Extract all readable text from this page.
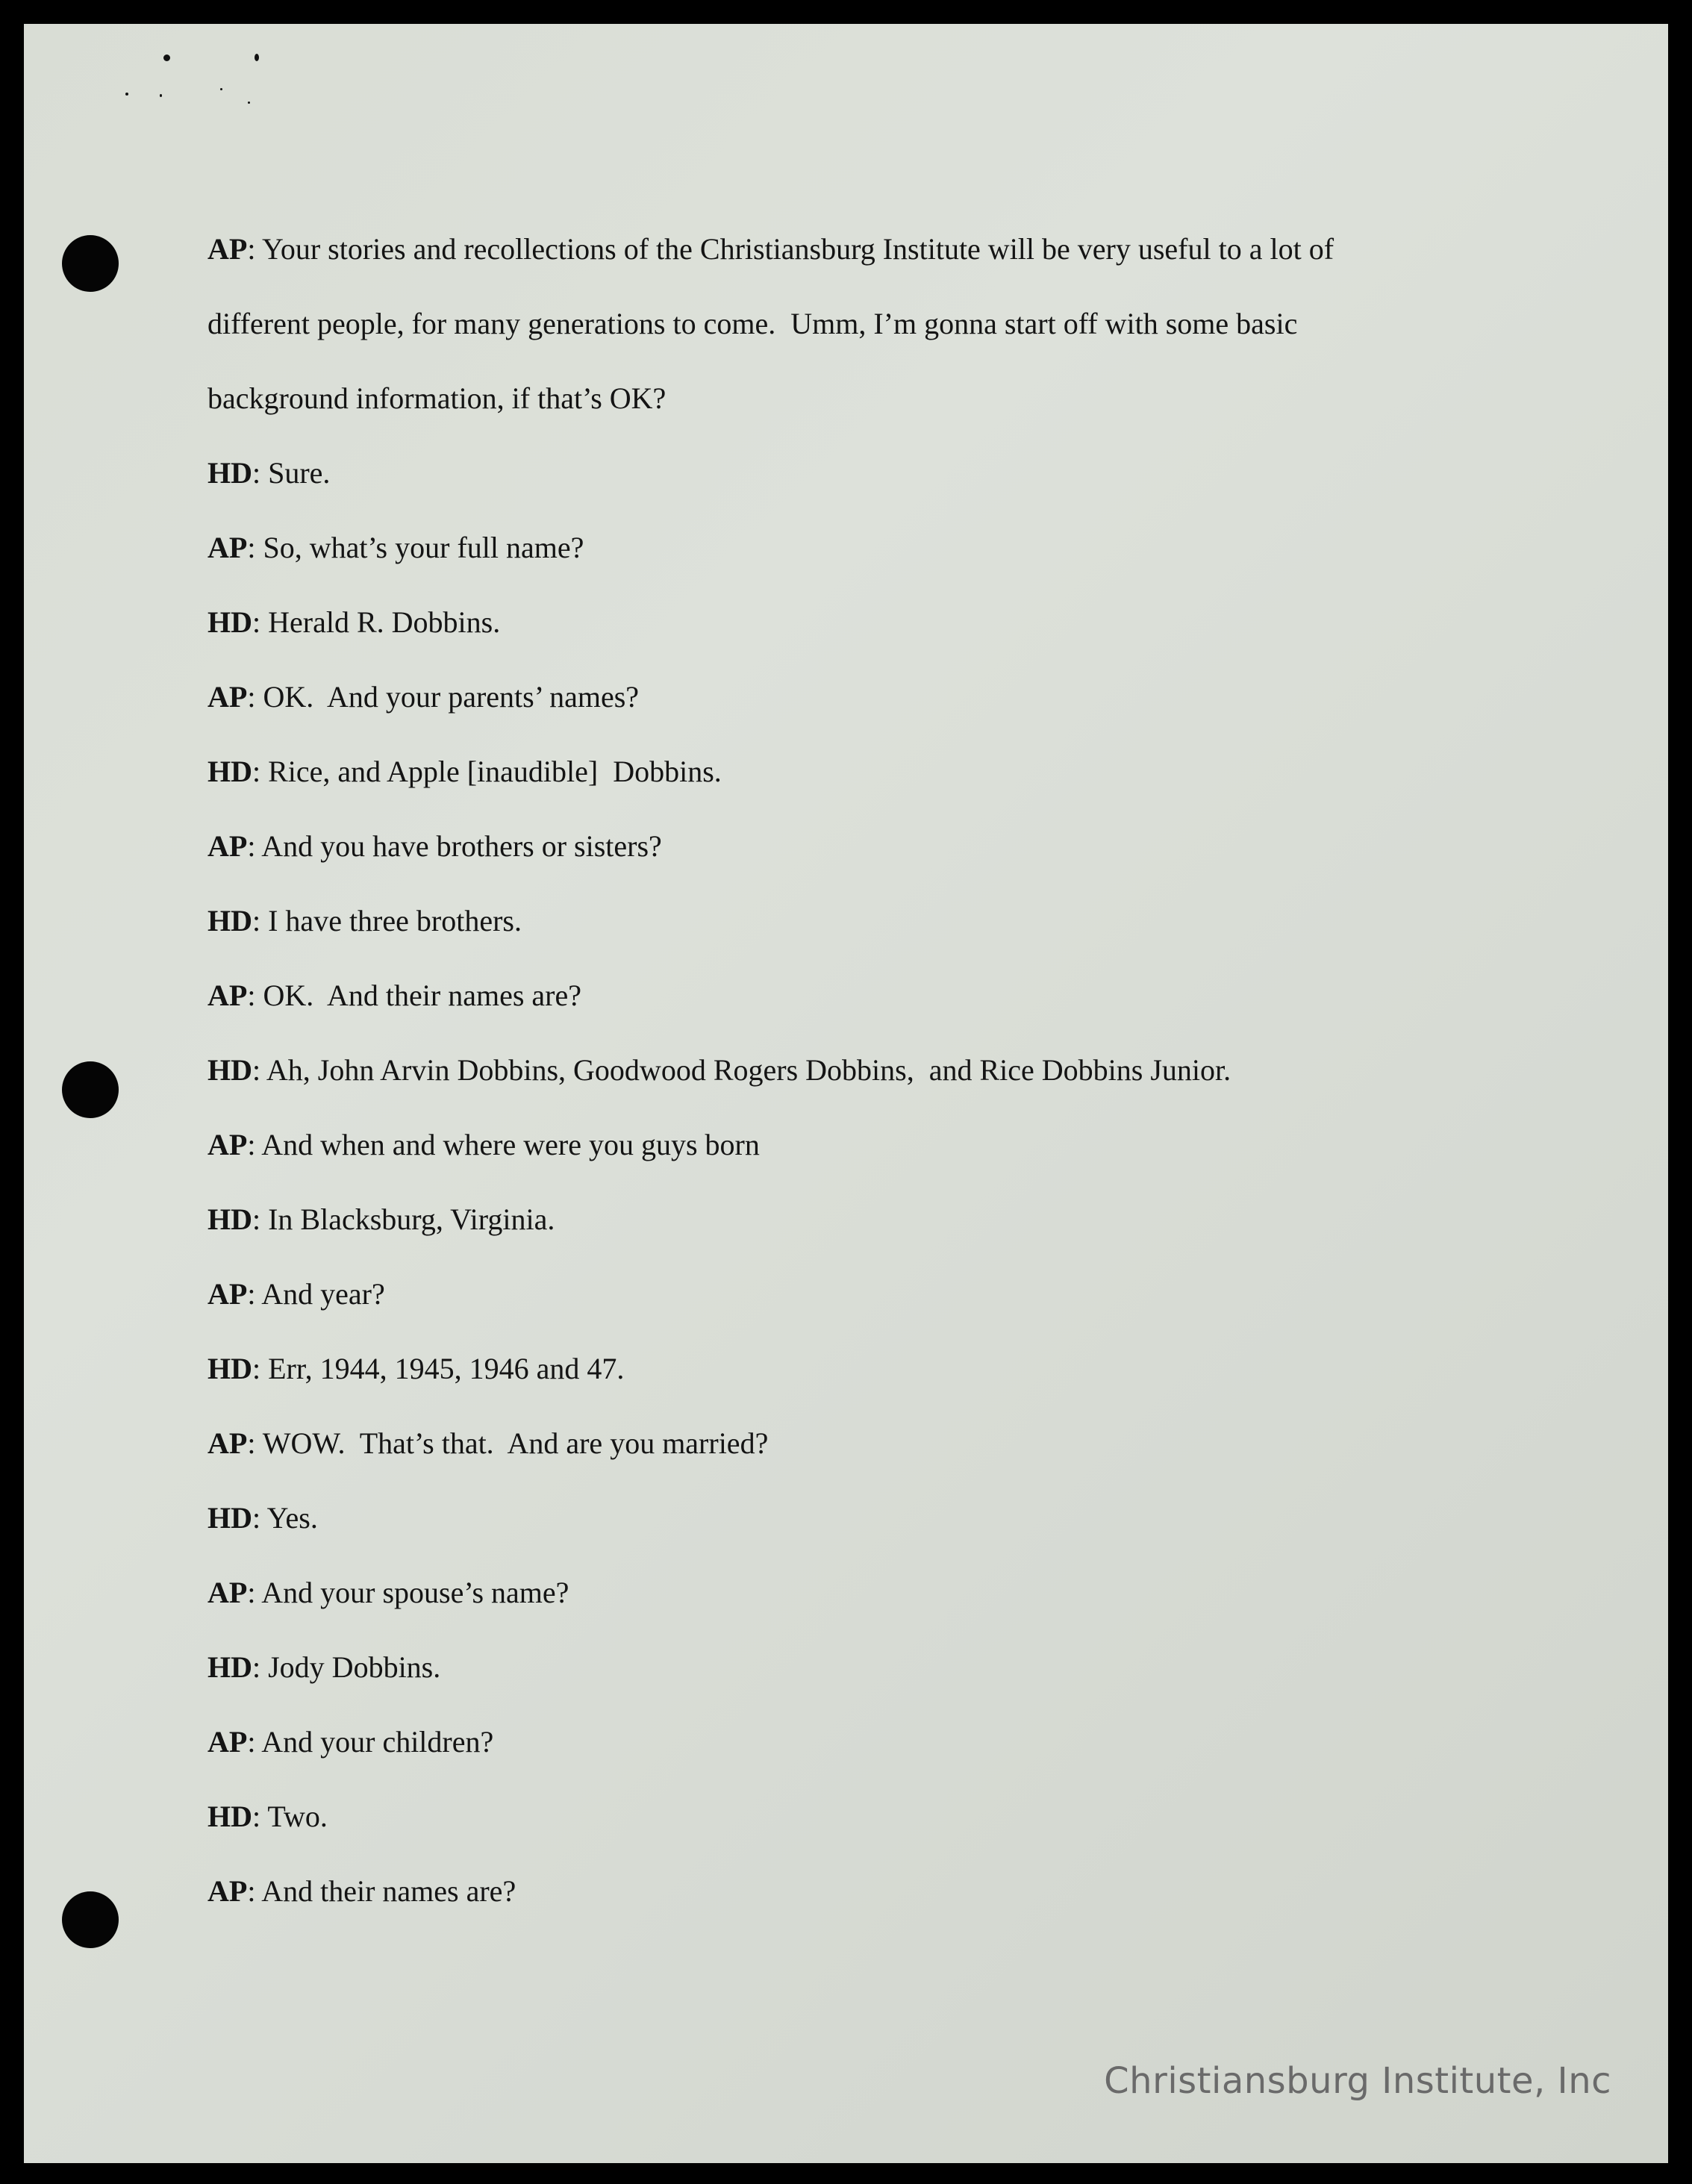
AP: Your stories and recollections of the Christiansburg Institute will be very useful to a lot of
different people, for many generations to come.  Umm, I’m gonna start off with some basic
background information, if that’s OK?
HD: Sure.
AP: So, what’s your full name?
HD: Herald R. Dobbins.
AP: OK.  And your parents’ names?
HD: Rice, and Apple [inaudible]  Dobbins.
AP: And you have brothers or sisters?
HD: I have three brothers.
AP: OK.  And their names are?
HD: Ah, John Arvin Dobbins, Goodwood Rogers Dobbins,  and Rice Dobbins Junior.
AP: And when and where were you guys born
HD: In Blacksburg, Virginia.
AP: And year?
HD: Err, 1944, 1945, 1946 and 47.
AP: WOW.  That’s that.  And are you married?
HD: Yes.
AP: And your spouse’s name?
HD: Jody Dobbins.
AP: And your children?
HD: Two.
AP: And their names are?
Christiansburg Institute, Inc
